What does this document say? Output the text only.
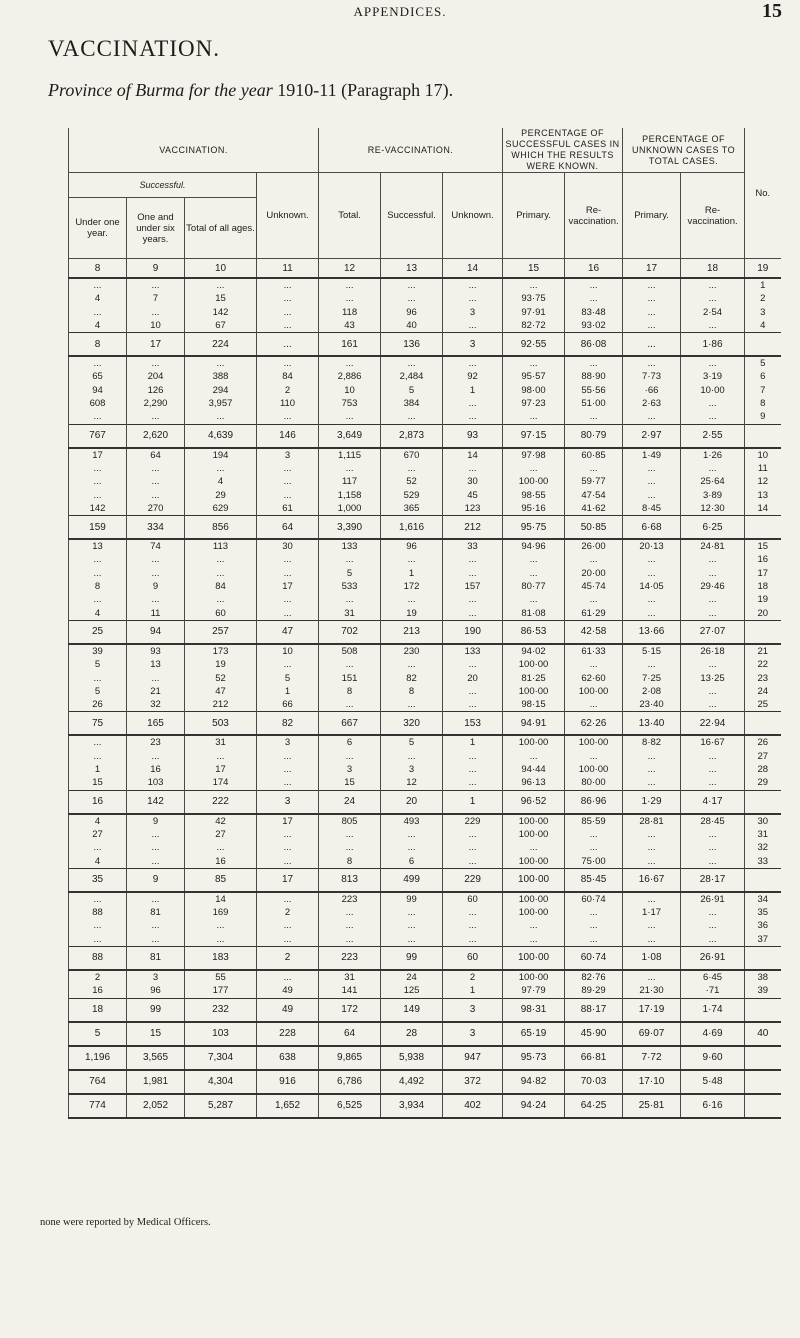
APPENDICES.	15
VACCINATION.
Province of Burma for the year 1910-11 (Paragraph 17).
VACCINATION.				RE-VACCINATION.			PERCENTAGE OF SUCCESSFUL CASES IN WHICH THE RESULTS WERE KNOWN.		PERCENTAGE OF UNKNOWN CASES TO TOTAL CASES.		No.
Successful.			Unknown.	Total.	Successful.	Unknown.	Primary.	Re-vaccination.	Primary.	Re-vaccination.	
Under one year.	One and under six years.	Total of all ages.									
8	9	10	11	12	13	14	15	16	17	18	19
...	...	...	...	...	...	...	...	...	...	...	1
4	7	15	...	...	...	...	93·75	...	...	...	2
...	...	142	...	118	96	3	97·91	83·48	...	2·54	3
4	10	67	...	43	40	...	82·72	93·02	...	...	4
8	17	224	...	161	136	3	92·55	86·08	...	1·86	
...	...	...	...	...	...	...	...	...	...	...	5
65	204	388	84	2,886	2,484	92	95·57	88·90	7·73	3·19	6
94	126	294	2	10	5	1	98·00	55·56	·66	10·00	7
608	2,290	3,957	110	753	384	...	97·23	51·00	2·63	...	8
...	...	...	...	...	...	...	...	...	...	...	9
767	2,620	4,639	146	3,649	2,873	93	97·15	80·79	2·97	2·55	
17	64	194	3	1,115	670	14	97·98	60·85	1·49	1·26	10
...	...	...	...	...	...	...	...	...	...	...	11
...	...	4	...	117	52	30	100·00	59·77	...	25·64	12
...	...	29	...	1,158	529	45	98·55	47·54	...	3·89	13
142	270	629	61	1,000	365	123	95·16	41·62	8·45	12·30	14
159	334	856	64	3,390	1,616	212	95·75	50·85	6·68	6·25	
13	74	113	30	133	96	33	94·96	26·00	20·13	24·81	15
...	...	...	...	...	...	...	...	...	...	...	16
...	...	...	...	5	1	...	...	20·00	...	...	17
8	9	84	17	533	172	157	80·77	45·74	14·05	29·46	18
...	...	...	...	...	...	...	...	...	...	...	19
4	11	60	...	31	19	...	81·08	61·29	...	...	20
25	94	257	47	702	213	190	86·53	42·58	13·66	27·07	
39	93	173	10	508	230	133	94·02	61·33	5·15	26·18	21
5	13	19	...	...	...	...	100·00	...	...	...	22
...	...	52	5	151	82	20	81·25	62·60	7·25	13·25	23
5	21	47	1	8	8	...	100·00	100·00	2·08	...	24
26	32	212	66	...	...	...	98·15	...	23·40	...	25
75	165	503	82	667	320	153	94·91	62·26	13·40	22·94	
...	23	31	3	6	5	1	100·00	100·00	8·82	16·67	26
...	...	...	...	...	...	...	...	...	...	...	27
1	16	17	...	3	3	...	94·44	100·00	...	...	28
15	103	174	...	15	12	...	96·13	80·00	...	...	29
16	142	222	3	24	20	1	96·52	86·96	1·29	4·17	
4	9	42	17	805	493	229	100·00	85·59	28·81	28·45	30
27	...	27	...	...	...	...	100·00	...	...	...	31
...	...	...	...	...	...	...	...	...	...	...	32
4	...	16	...	8	6	...	100·00	75·00	...	...	33
35	9	85	17	813	499	229	100·00	85·45	16·67	28·17	
...	...	14	...	223	99	60	100·00	60·74	...	26·91	34
88	81	169	2	...	...	...	100·00	...	1·17	...	35
...	...	...	...	...	...	...	...	...	...	...	36
...	...	...	...	...	...	...	...	...	...	...	37
88	81	183	2	223	99	60	100·00	60·74	1·08	26·91	
2	3	55	...	31	24	2	100·00	82·76	...	6·45	38
16	96	177	49	141	125	1	97·79	89·29	21·30	·71	39
18	99	232	49	172	149	3	98·31	88·17	17·19	1·74	
5	15	103	228	64	28	3	65·19	45·90	69·07	4·69	40
1,196	3,565	7,304	638	9,865	5,938	947	95·73	66·81	7·72	9·60	
764	1,981	4,304	916	6,786	4,492	372	94·82	70·03	17·10	5·48	
774	2,052	5,287	1,652	6,525	3,934	402	94·24	64·25	25·81	6·16	
none were reported by Medical Officers.
